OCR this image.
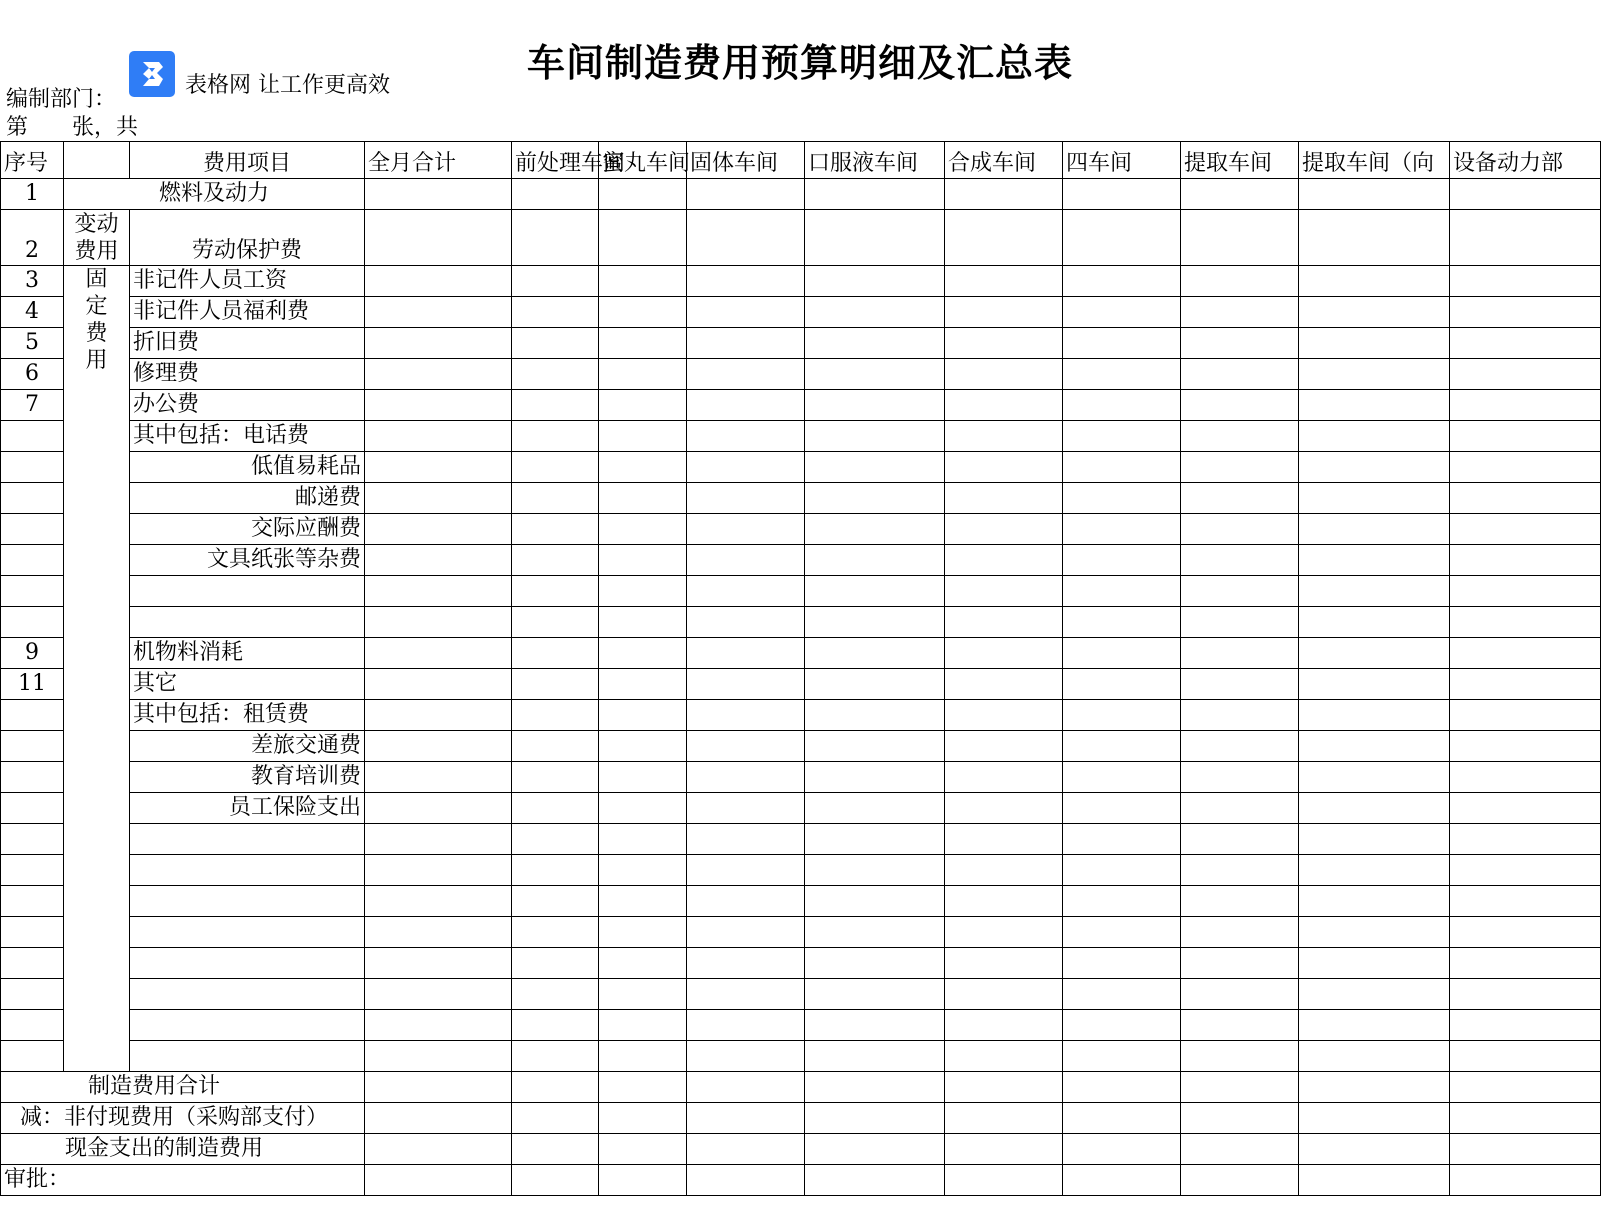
车间制造费用预算明细及汇总表
表格网 让工作更高效
编制部门：
第 张，共
序号		费用项目	全月合计	前处理车间	蜜丸车间	固体车间	口服液车间	合成车间	四车间	提取车间	提取车间（向	设备动力部
1	燃料及动力											
2	变动费用	劳动保护费										
3	固定费用	非记件人员工资										
4		非记件人员福利费										
5		折旧费										
6		修理费										
7		办公费										
		其中包括：电话费										
		低值易耗品										
		邮递费										
		交际应酬费										
		文具纸张等杂费										

9		机物料消耗										
11		其它										
		其中包括：租赁费										
		差旅交通费										
		教育培训费										
		员工保险支出										

制造费用合计												
减：非付现费用（采购部支付）												
现金支出的制造费用												
审批：												
